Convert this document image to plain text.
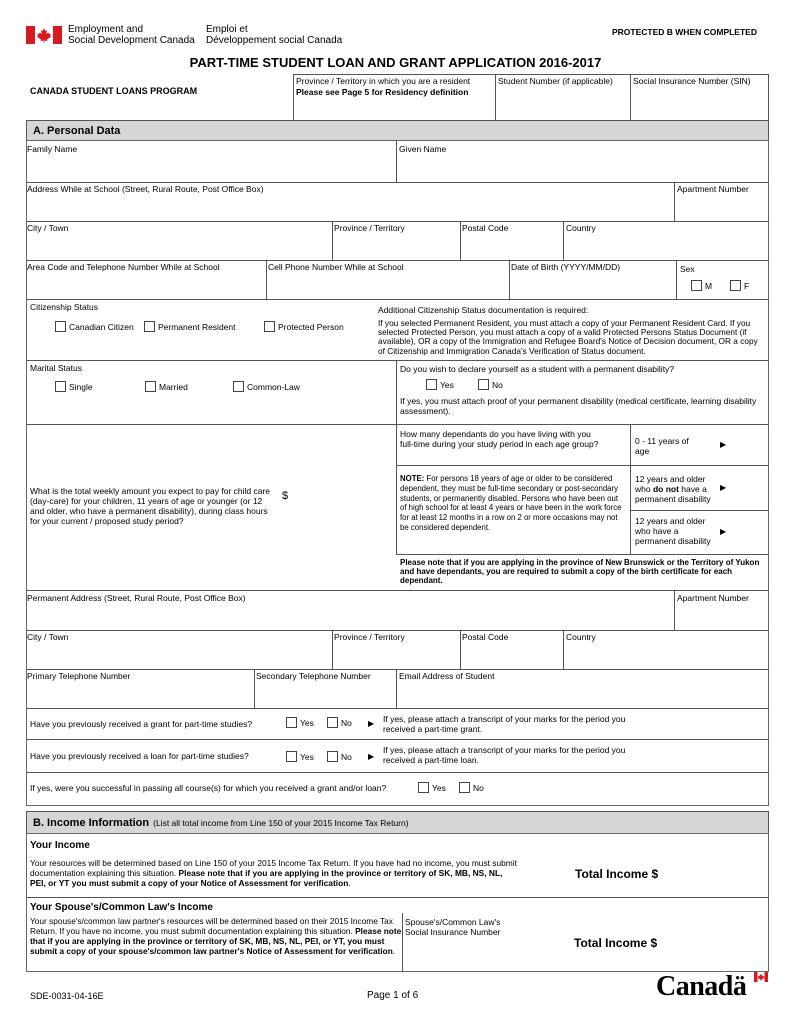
Employment and
Social Development Canada
Emploi et
Développement social Canada
PROTECTED B WHEN COMPLETED
PART-TIME STUDENT LOAN AND GRANT APPLICATION 2016-2017
CANADA STUDENT LOANS PROGRAM
Province / Territory in which you are a resident
Please see Page 5 for Residency definition
Student Number (if applicable) Social Insurance Number (SIN)
A. Personal Data
Family Name	Given Name
Address While at School (Street, Rural Route, Post Office Box)	Apartment Number
City / Town	Province / Territory	Postal Code	Country
Area Code and Telephone Number While at School	Cell Phone Number While at School	Date of Birth (YYYY/MM/DD)	Sex
M	F
Citizenship Status
Canadian Citizen	Permanent Resident	Protected Person
Additional Citizenship Status documentation is required:
If you selected Permanent Resident, you must attach a copy of your Permanent Resident Card. If you selected Protected Person, you must attach a copy of a valid Protected Persons Status Document (if available), OR a copy of the Immigration and Refugee Board's Notice of Decision document, OR a copy of Citizenship and Immigration Canada's Verification of Status document.
Marital Status
Single	Married	Common-Law
Do you wish to declare yourself as a student with a permanent disability?
Yes	No
If yes, you must attach proof of your permanent disability (medical certificate, learning disability assessment).
What is the total weekly amount you expect to pay for child care (day-care) for your children, 11 years of age or younger (or 12 and older, who have a permanent disability), during class hours for your current / proposed study period?
$
How many dependants do you have living with you full-time during your study period in each age group?
NOTE: For persons 18 years of age or older to be considered dependent, they must be full-time secondary or post-secondary students, or permanently disabled. Persons who have been out of high school for at least 4 years or have been in the work force for at least 12 months in a row on 2 or more occasions may not be considered dependent.
0 - 11 years of age
▶
12 years and older who do not have a permanent disability
▶
12 years and older who have a permanent disability
▶
Please note that if you are applying in the province of New Brunswick or the Territory of Yukon and have dependants, you are required to submit a copy of the birth certificate for each dependant.
Permanent Address (Street, Rural Route, Post Office Box)	Apartment Number
City / Town	Province / Territory	Postal Code	Country
Primary Telephone Number	Secondary Telephone Number	Email Address of Student
Have you previously received a grant for part-time studies?	Yes	No ▶ If yes, please attach a transcript of your marks for the period you received a part-time grant.
Have you previously received a loan for part-time studies?	Yes	No ▶
If yes, please attach a transcript of your marks for the period you received a part-time loan.
If yes, were you successful in passing all course(s) for which you received a grant and/or loan?	Yes	No
B. Income Information (List all total income from Line 150 of your 2015 Income Tax Return)
Your Income
Your resources will be determined based on Line 150 of your 2015 Income Tax Return. If you have had no income, you must submit documentation explaining this situation. Please note that if you are applying in the province or territory of SK, MB, NS, NL, PEI, or YT you must submit a copy of your Notice of Assessment for verification.
Total Income $
Your Spouse's/Common Law's Income
Your spouse's/common law partner's resources will be determined based on their 2015 Income Tax Return. If you have no income, you must submit documentation explaining this situation. Please note that if you are applying in the province or territory of SK, MB, NS, NL, PEI, or YT, you must submit a copy of your spouse's/common law partner's Notice of Assessment for verification.
Spouse's/Common Law's Social Insurance Number
Total Income $
SDE-0031-04-16E	Page 1 of 6	Canadä
